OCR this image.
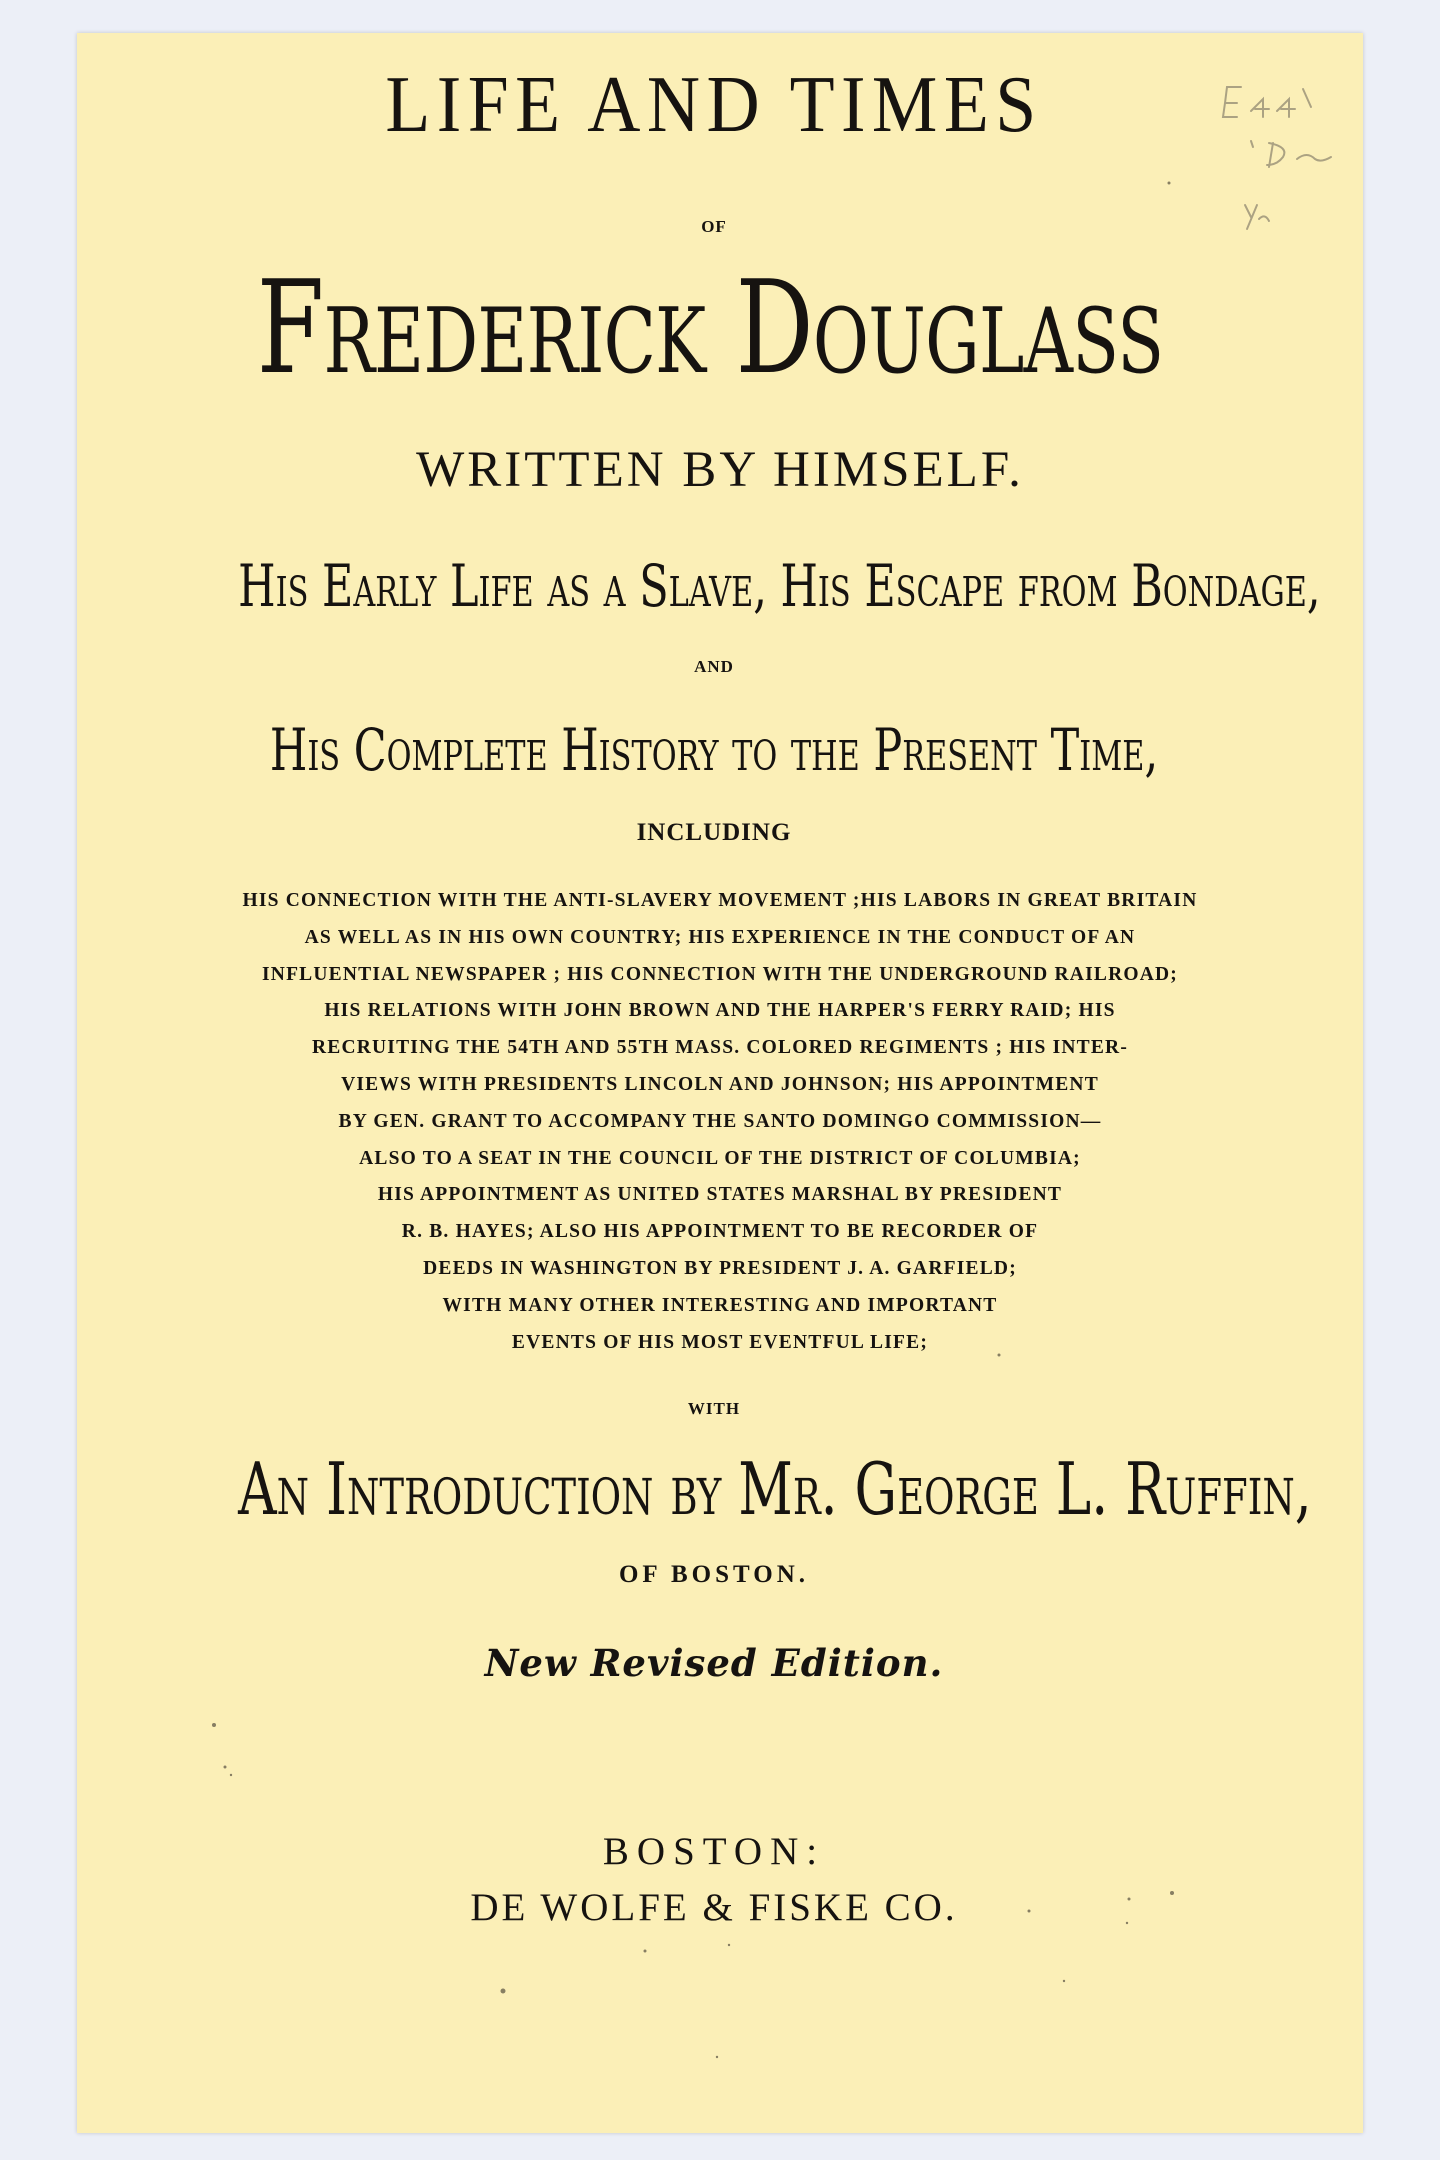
LIFE AND TIMES
OF
Frederick Douglass
WRITTEN BY HIMSELF.
His Early Life as a Slave, His Escape from Bondage,
AND
His Complete History to the Present Time,
INCLUDING
HIS CONNECTION WITH THE ANTI-SLAVERY MOVEMENT ;HIS LABORS IN GREAT BRITAIN
AS WELL AS IN HIS OWN COUNTRY; HIS EXPERIENCE IN THE CONDUCT OF AN
INFLUENTIAL NEWSPAPER ; HIS CONNECTION WITH THE UNDERGROUND RAILROAD;
HIS RELATIONS WITH JOHN BROWN AND THE HARPER'S FERRY RAID; HIS
RECRUITING THE 54TH AND 55TH MASS. COLORED REGIMENTS ; HIS INTER-
VIEWS WITH PRESIDENTS LINCOLN AND JOHNSON; HIS APPOINTMENT
BY GEN. GRANT TO ACCOMPANY THE SANTO DOMINGO COMMISSION—
ALSO TO A SEAT IN THE COUNCIL OF THE DISTRICT OF COLUMBIA;
HIS APPOINTMENT AS UNITED STATES MARSHAL BY PRESIDENT
R. B. HAYES; ALSO HIS APPOINTMENT TO BE RECORDER OF
DEEDS IN WASHINGTON BY PRESIDENT J. A. GARFIELD;
WITH MANY OTHER INTERESTING AND IMPORTANT
EVENTS OF HIS MOST EVENTFUL LIFE;
WITH
An Introduction by Mr. George L. Ruffin,
OF BOSTON.
New Revised Edition.
BOSTON:
DE WOLFE & FISKE CO.
